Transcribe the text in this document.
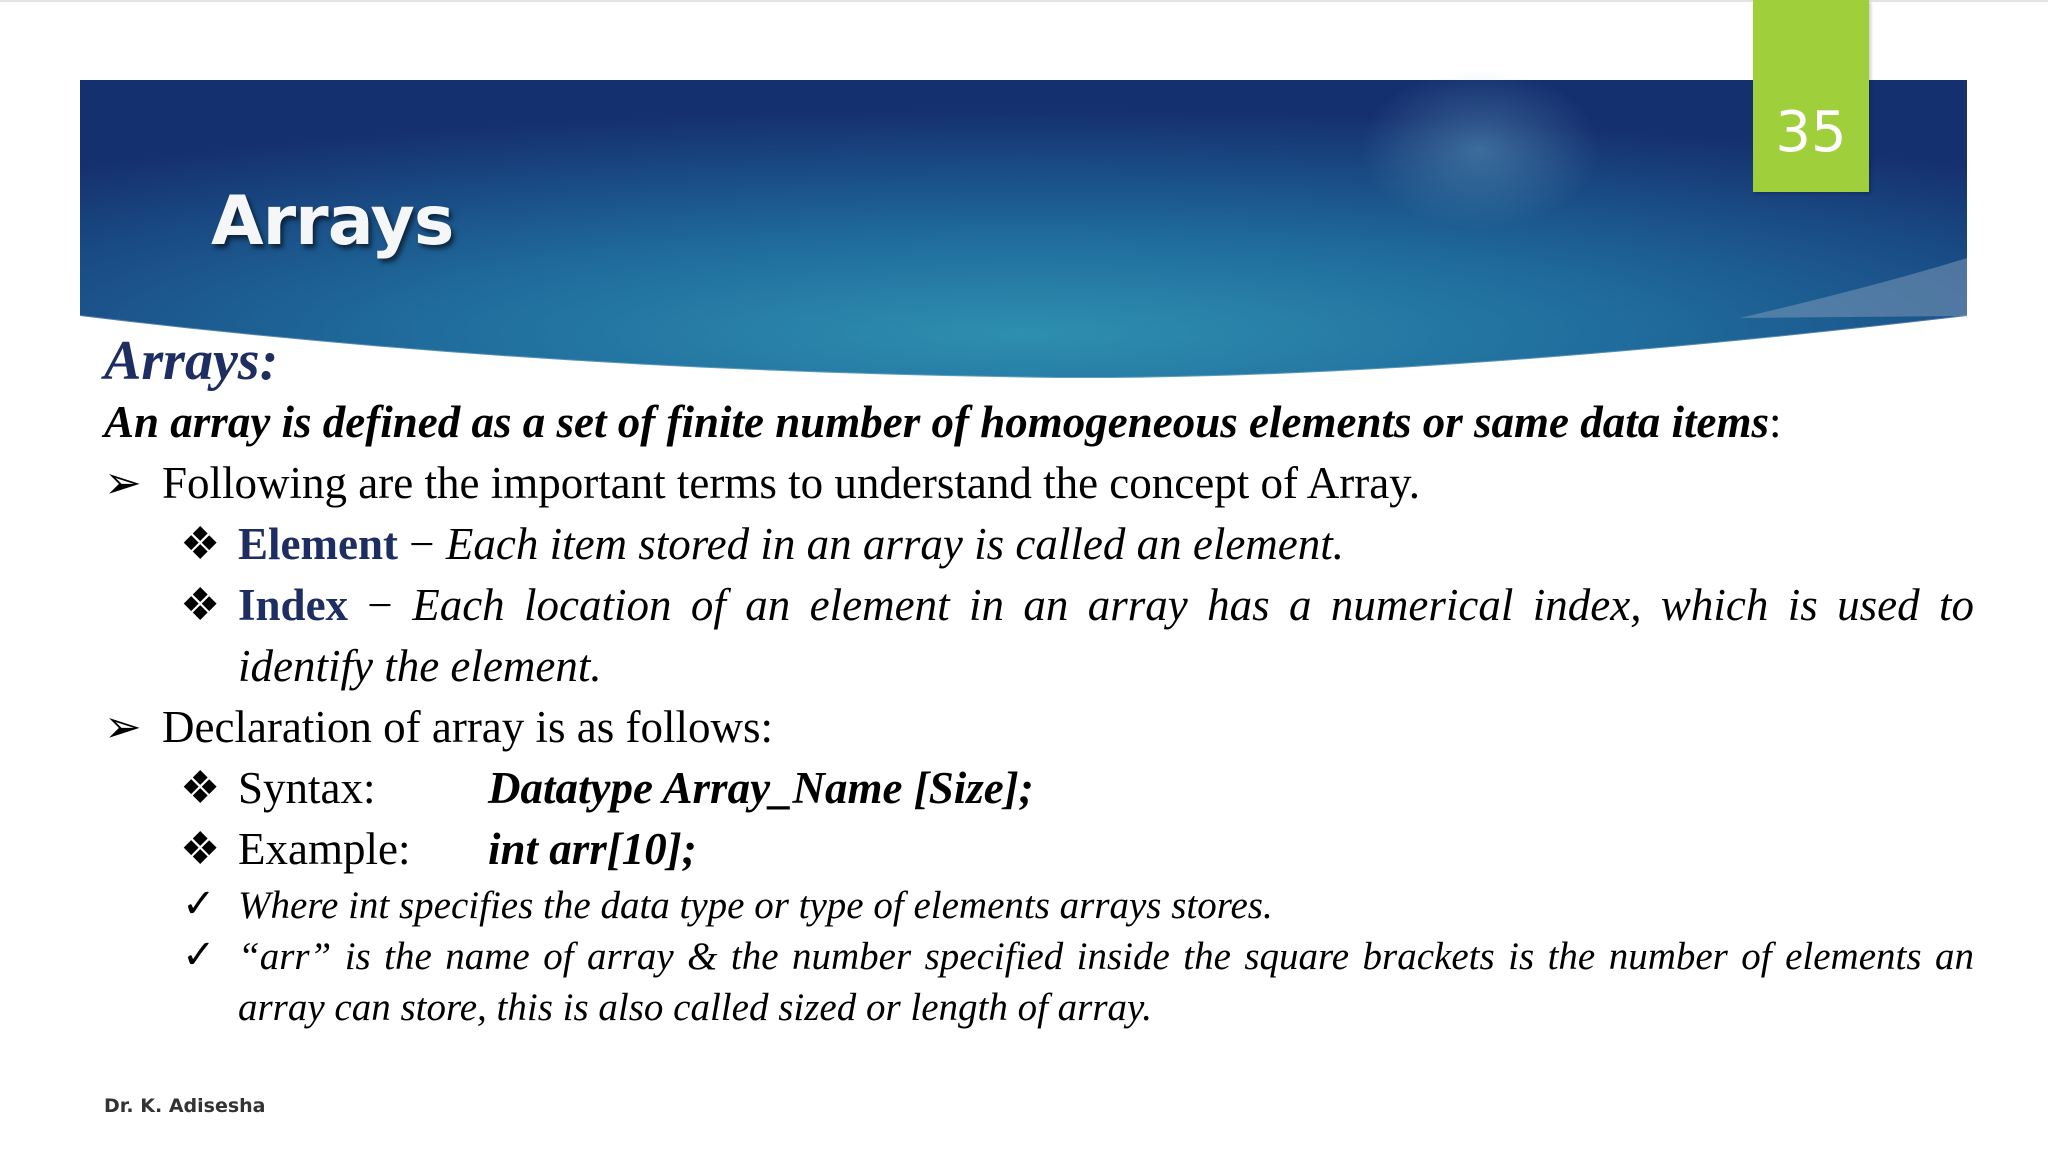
Arrays
35
Arrays:
An array is defined as a set of finite number of homogeneous elements or same data items:
➢ Following are the important terms to understand the concept of Array.
❖ Element − Each item stored in an array is called an element.
❖ Index − Each location of an element in an array has a numerical index, which is used to identify the element.
➢ Declaration of array is as follows:
❖ Syntax: Datatype Array_Name [Size];
❖ Example: int arr[10];
✓ Where int specifies the data type or type of elements arrays stores.
✓ “arr” is the name of array & the number specified inside the square brackets is the number of elements an array can store, this is also called sized or length of array.
Dr. K. Adisesha
